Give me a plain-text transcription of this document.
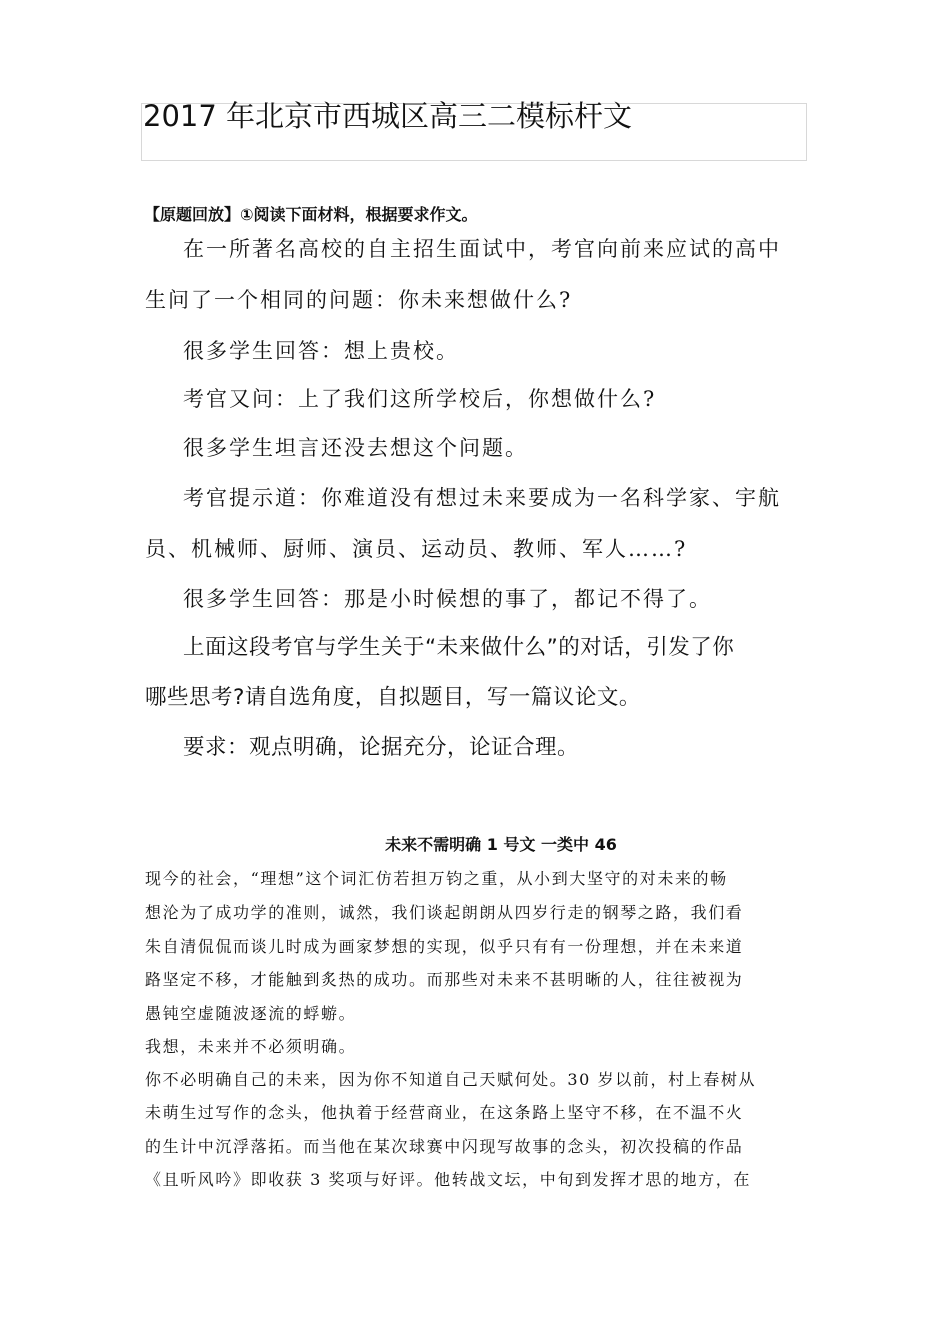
2017 年北京市西城区高三二模标杆文
【原题回放】①阅读下面材料，根据要求作文。
在一所著名高校的自主招生面试中，考官向前来应试的高中
生问了一个相同的问题：你未来想做什么?
很多学生回答：想上贵校。
考官又问：上了我们这所学校后，你想做什么?
很多学生坦言还没去想这个问题。
考官提示道：你难道没有想过未来要成为一名科学家、宇航
员、机械师、厨师、演员、运动员、教师、军人……?
很多学生回答：那是小时候想的事了，都记不得了。
上面这段考官与学生关于“未来做什么”的对话，引发了你
哪些思考?请自选角度，自拟题目，写一篇议论文。
要求：观点明确，论据充分，论证合理。
未来不需明确 1 号文 一类中 46
现今的社会，“理想”这个词汇仿若担万钧之重，从小到大坚守的对未来的畅
想沦为了成功学的准则，诚然，我们谈起朗朗从四岁行走的钢琴之路，我们看
朱自清侃侃而谈儿时成为画家梦想的实现，似乎只有有一份理想，并在未来道
路坚定不移，才能触到炙热的成功。而那些对未来不甚明晰的人，往往被视为
愚钝空虚随波逐流的蜉蝣。
我想，未来并不必须明确。
你不必明确自己的未来，因为你不知道自己天赋何处。30 岁以前，村上春树从
未萌生过写作的念头，他执着于经营商业，在这条路上坚守不移，在不温不火
的生计中沉浮落拓。而当他在某次球赛中闪现写故事的念头，初次投稿的作品
《且听风吟》即收获 3 奖项与好评。他转战文坛，中旬到发挥才思的地方，在
